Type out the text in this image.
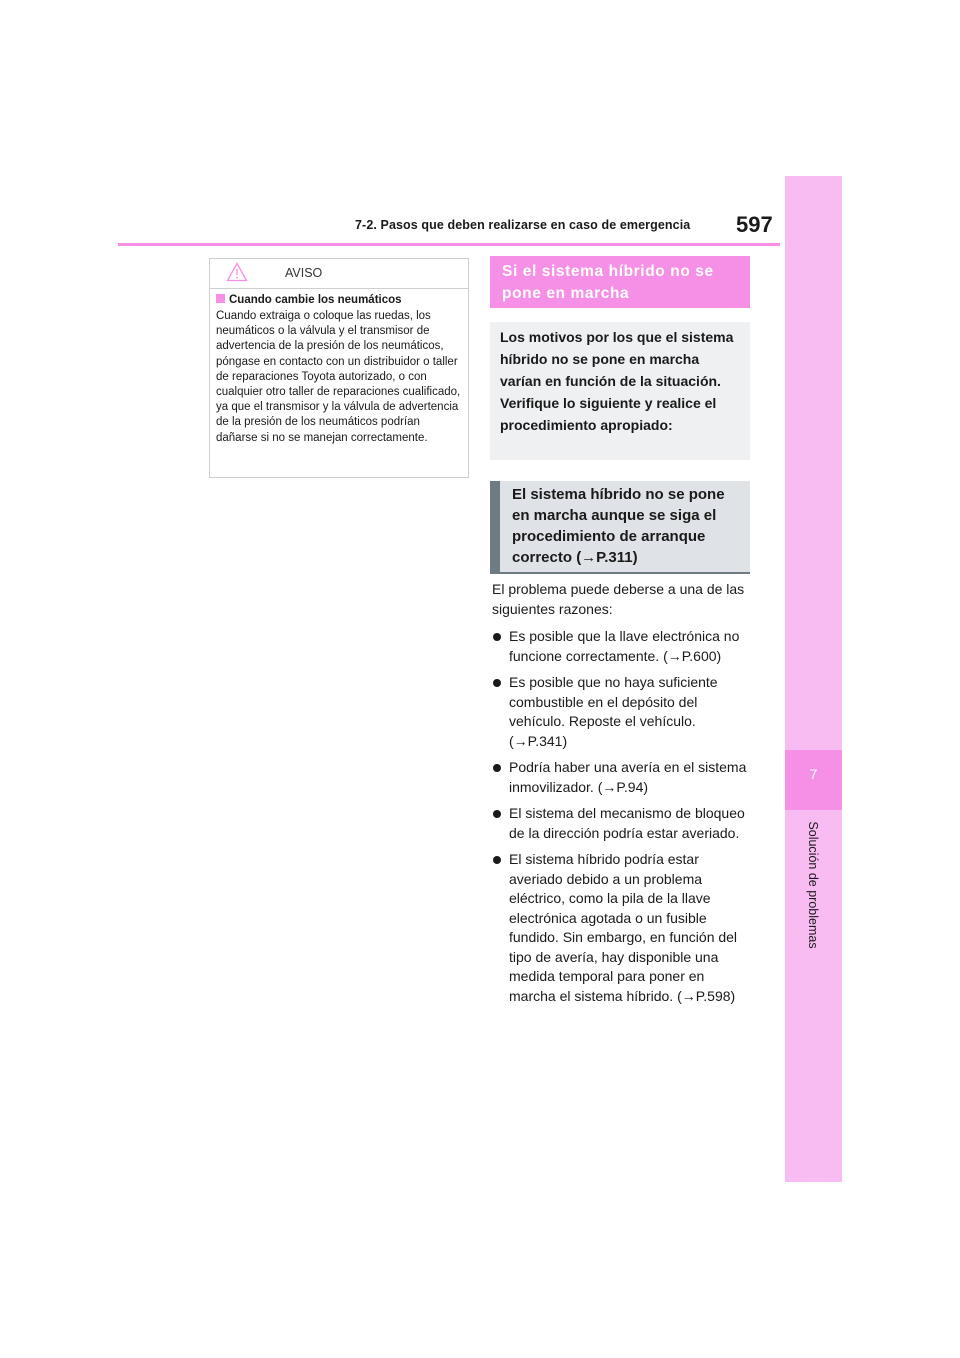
7-2. Pasos que deben realizarse en caso de emergencia	597
7
Solución de problemas
AVISO
Cuando cambie los neumáticos
Cuando extraiga o coloque las ruedas, los neumáticos o la válvula y el transmisor de advertencia de la presión de los neumáticos, póngase en contacto con un distribuidor o taller de reparaciones Toyota autorizado, o con cualquier otro taller de reparaciones cualificado, ya que el transmisor y la válvula de advertencia de la presión de los neumáticos podrían dañarse si no se manejan correctamente.
Si el sistema híbrido no se pone en marcha
Los motivos por los que el sistema híbrido no se pone en marcha varían en función de la situación. Verifique lo siguiente y realice el procedimiento apropiado:
El sistema híbrido no se pone en marcha aunque se siga el procedimiento de arranque correcto (→P.311)

El problema puede deberse a una de las siguientes razones:

Es posible que la llave electrónica no funcione correctamente. (→P.600)
Es posible que no haya suficiente combustible en el depósito del vehículo. Reposte el vehículo. (→P.341)
Podría haber una avería en el sistema inmovilizador. (→P.94)
El sistema del mecanismo de bloqueo de la dirección podría estar averiado.
El sistema híbrido podría estar averiado debido a un problema eléctrico, como la pila de la llave electrónica agotada o un fusible fundido. Sin embargo, en función del tipo de avería, hay disponible una medida temporal para poner en marcha el sistema híbrido. (→P.598)
